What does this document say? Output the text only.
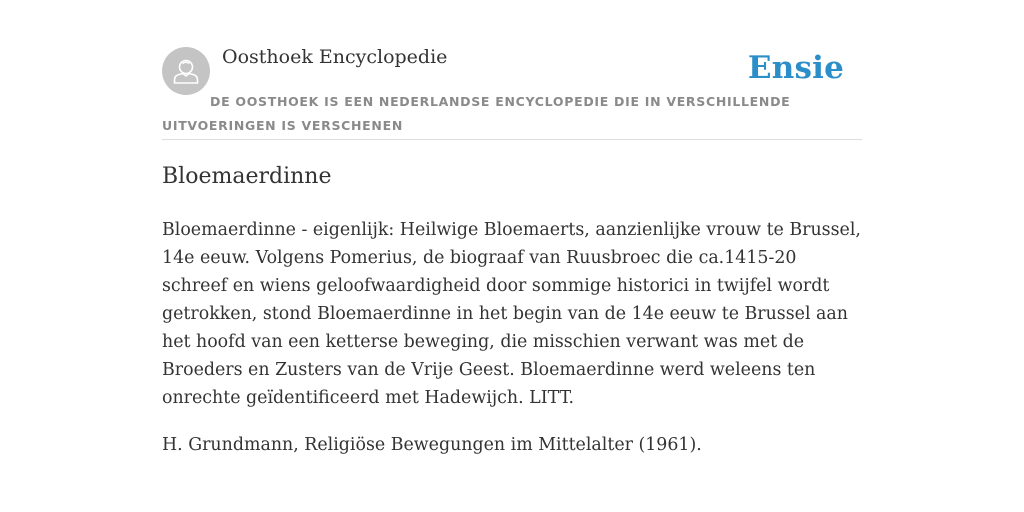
Oosthoek Encyclopedie	Ensie
DE OOSTHOEK IS EEN NEDERLANDSE ENCYCLOPEDIE DIE IN VERSCHILLENDE UITVOERINGEN IS VERSCHENEN
Bloemaerdinne

Bloemaerdinne - eigenlijk: Heilwige Bloemaerts, aanzienlijke vrouw te Brussel, 14e eeuw. Volgens Pomerius, de biograaf van Ruusbroec die ca.1415-20 schreef en wiens geloofwaardigheid door sommige historici in twijfel wordt getrokken, stond Bloemaerdinne in het begin van de 14e eeuw te Brussel aan het hoofd van een ketterse beweging, die misschien verwant was met de Broeders en Zusters van de Vrije Geest. Bloemaerdinne werd weleens ten onrechte geïdentificeerd met Hadewijch. LITT.

H. Grundmann, Religiöse Bewegungen im Mittelalter (1961).
